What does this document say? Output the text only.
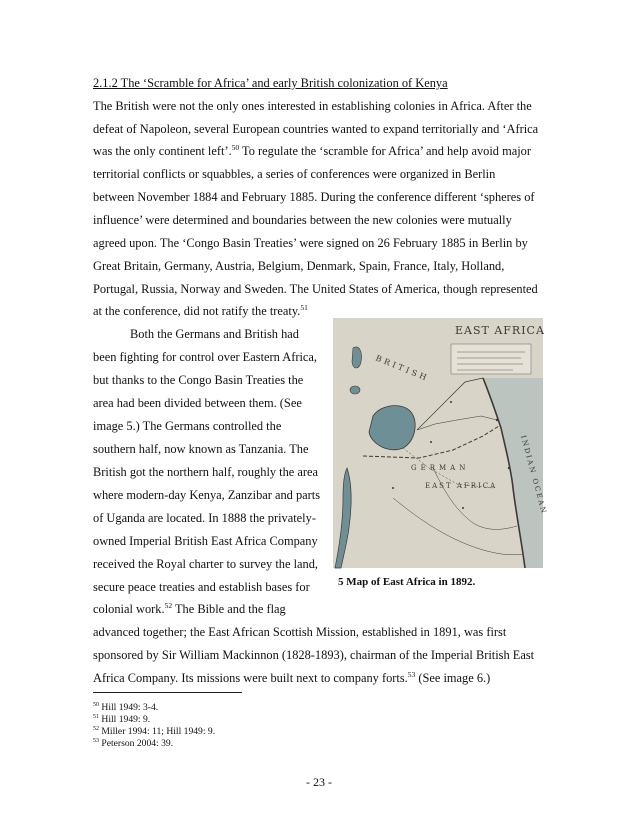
2.1.2 The ‘Scramble for Africa’ and early British colonization of Kenya
The British were not the only ones interested in establishing colonies in Africa. After the
defeat of Napoleon, several European countries wanted to expand territorially and ‘Africa
was the only continent left’.$^{50}$ To regulate the ‘scramble for Africa’ and help avoid major
territorial conflicts or squabbles, a series of conferences were organized in Berlin
between November 1884 and February 1885. During the conference different ‘spheres of
influence’ were determined and boundaries between the new colonies were mutually
agreed upon. The ‘Congo Basin Treaties’ were signed on 26 February 1885 in Berlin by
Great Britain, Germany, Austria, Belgium, Denmark, Spain, France, Italy, Holland,
Portugal, Russia, Norway and Sweden. The United States of America, though represented
at the conference, did not ratify the treaty.$^{51}$
Both the Germans and British had
been fighting for control over Eastern Africa,
but thanks to the Congo Basin Treaties the
area had been divided between them. (See
image 5.) The Germans controlled the
southern half, now known as Tanzania. The
British got the northern half, roughly the area
where modern-day Kenya, Zanzibar and parts
of Uganda are located. In 1888 the privately-
owned Imperial British East Africa Company
received the Royal charter to survey the land,
secure peace treaties and establish bases for
colonial work.$^{52}$ The Bible and the flag
advanced together; the East African Scottish Mission, established in 1891, was first
sponsored by Sir William Mackinnon (1828-1893), chairman of the Imperial British East
Africa Company. Its missions were built next to company forts.$^{53}$ (See image 6.)
EAST AFRICA
BRITISH
GERMAN
EAST AFRICA	INDIAN OCEAN
5 Map of East Africa in 1892.
$^{50}$ Hill 1949: 3-4.
$^{51}$ Hill 1949: 9.
$^{52}$ Miller 1994: 11; Hill 1949: 9.
$^{53}$ Peterson 2004: 39.
- 23 -
